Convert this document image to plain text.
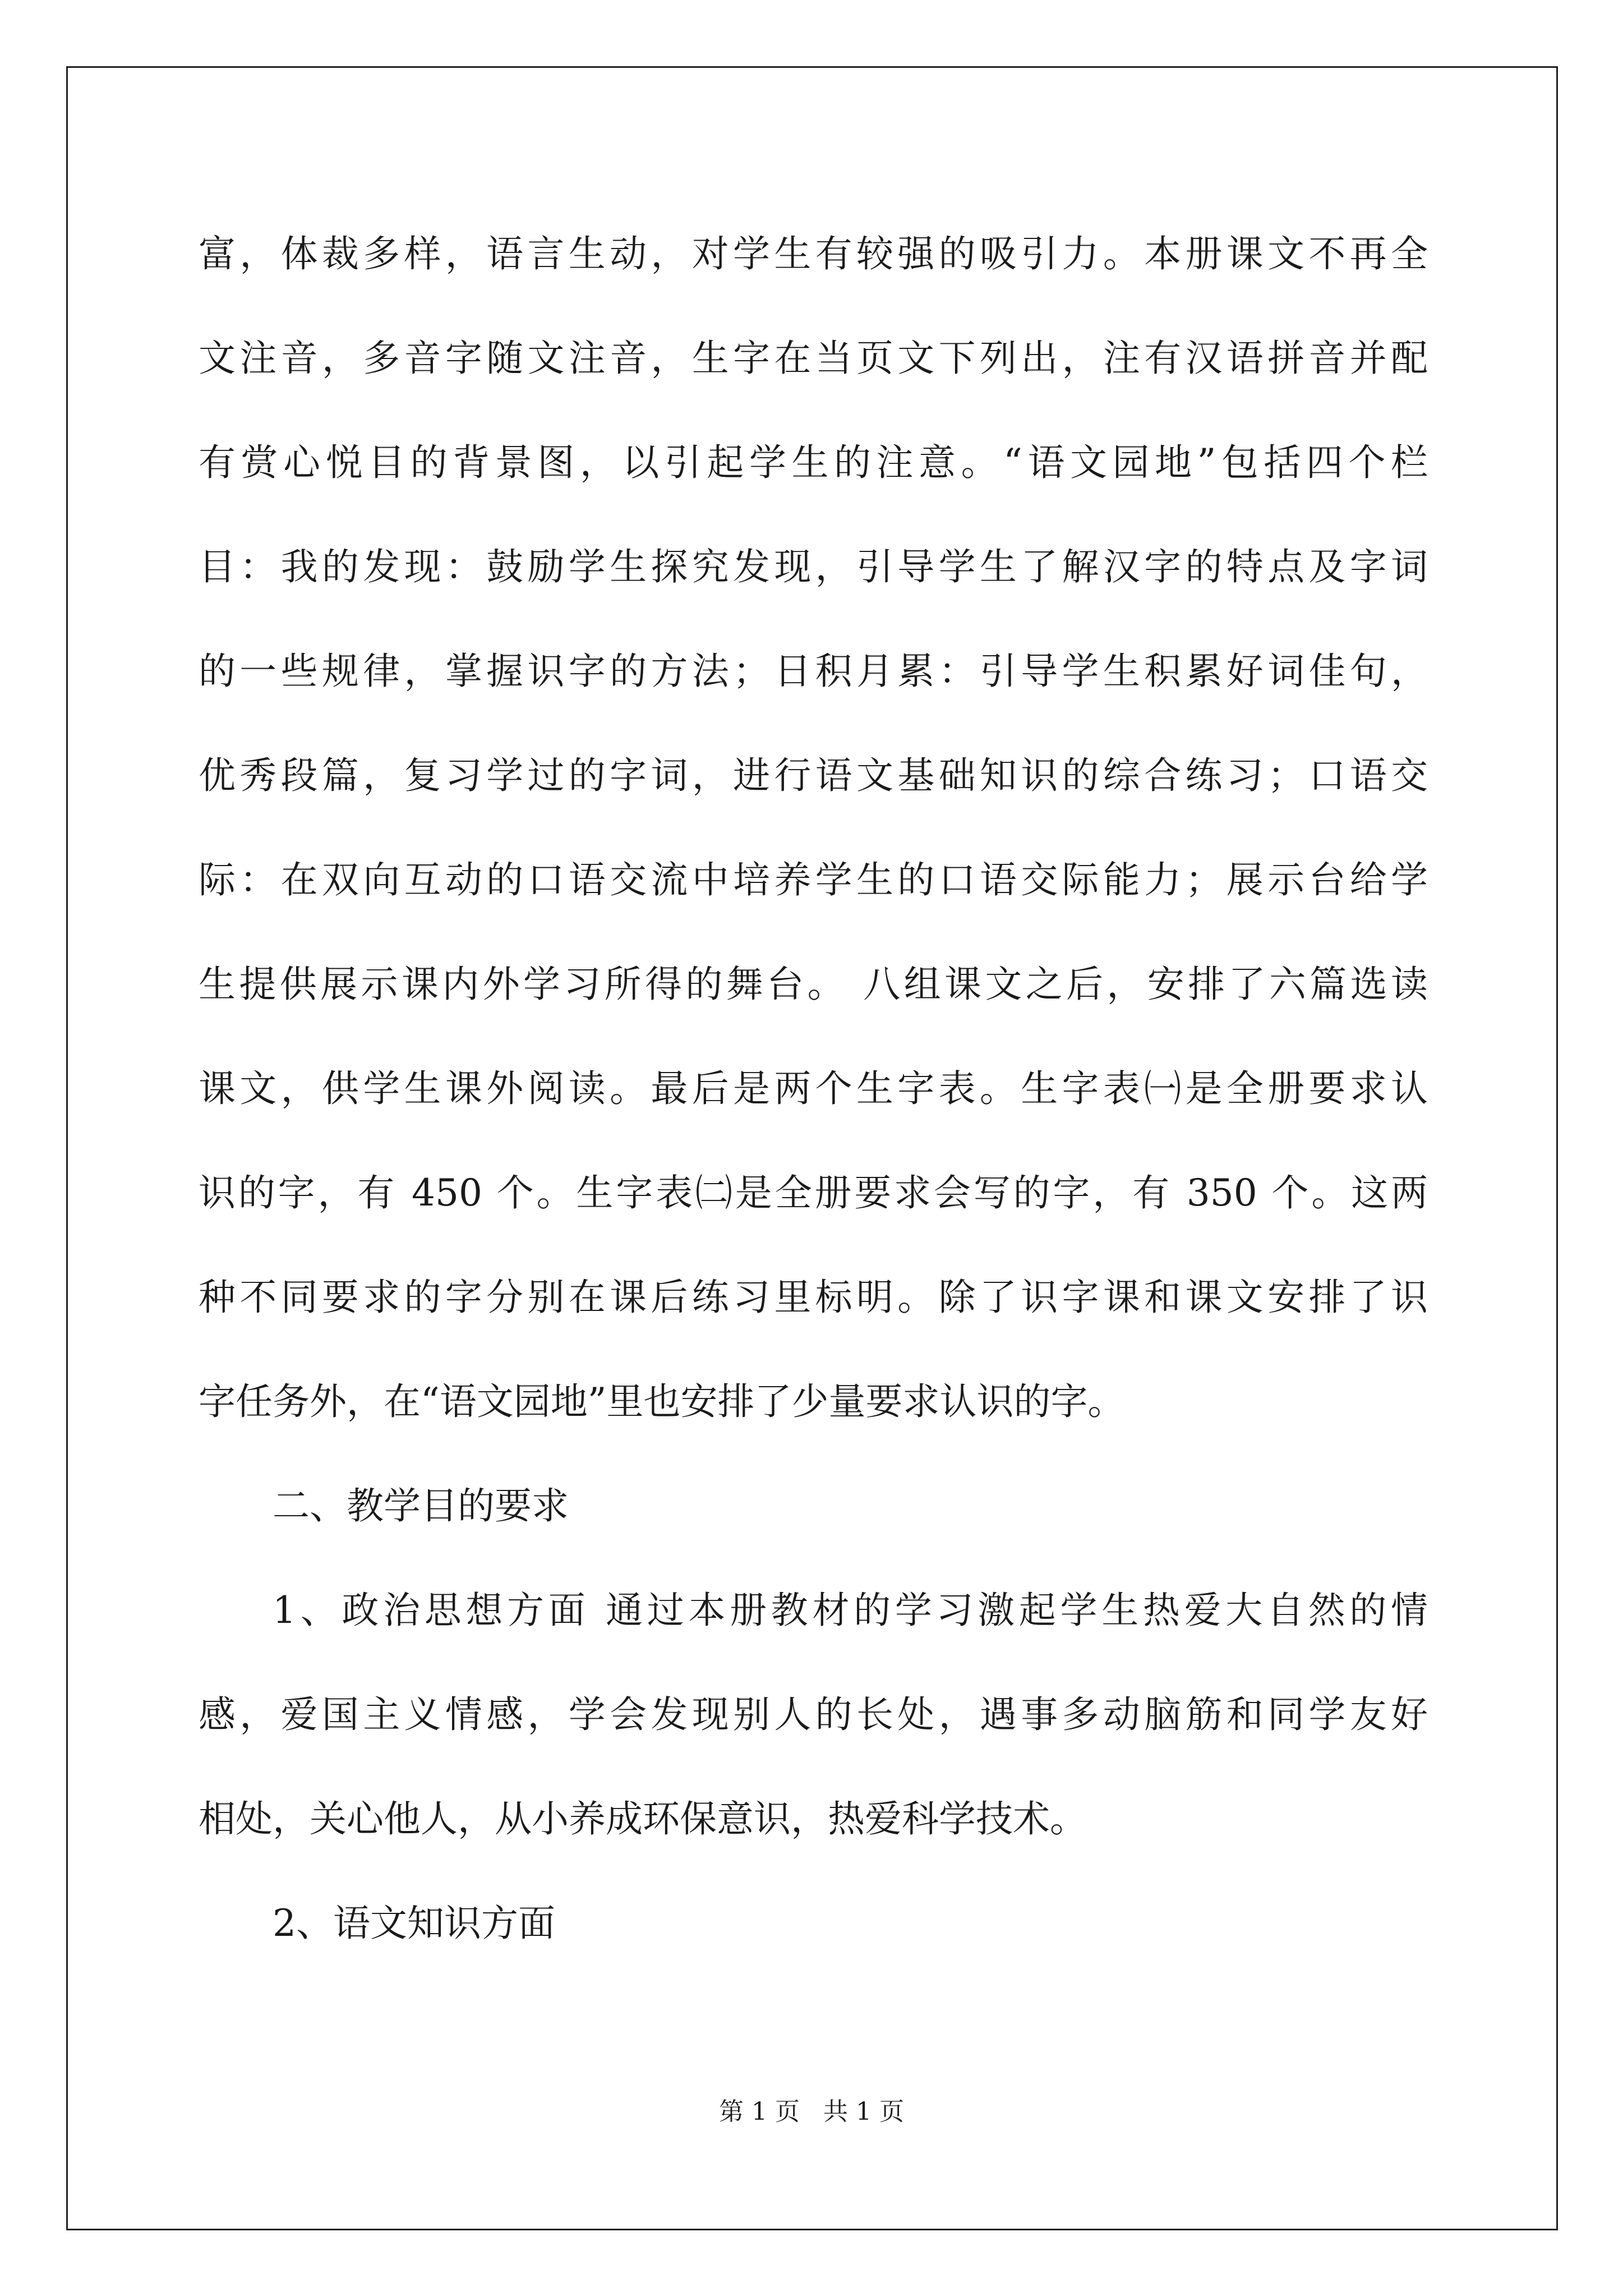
富，体裁多样，语言生动，对学生有较强的吸引力。本册课文不再全
文注音，多音字随文注音，生字在当页文下列出，注有汉语拼音并配
有赏心悦目的背景图，以引起学生的注意。“语文园地”包括四个栏
目：我的发现：鼓励学生探究发现，引导学生了解汉字的特点及字词
的一些规律，掌握识字的方法；日积月累：引导学生积累好词佳句，
优秀段篇，复习学过的字词，进行语文基础知识的综合练习；口语交
际：在双向互动的口语交流中培养学生的口语交际能力；展示台给学
生提供展示课内外学习所得的舞台。 八组课文之后，安排了六篇选读
课文，供学生课外阅读。最后是两个生字表。生字表㈠是全册要求认
识的字，有 450 个。生字表㈡是全册要求会写的字，有 350 个。这两
种不同要求的字分别在课后练习里标明。除了识字课和课文安排了识
字任务外，在“语文园地”里也安排了少量要求认识的字。
二、教学目的要求
1、政治思想方面 通过本册教材的学习激起学生热爱大自然的情
感，爱国主义情感，学会发现别人的长处，遇事多动脑筋和同学友好
相处，关心他人，从小养成环保意识，热爱科学技术。
2、语文知识方面
第 1 页   共 1 页
